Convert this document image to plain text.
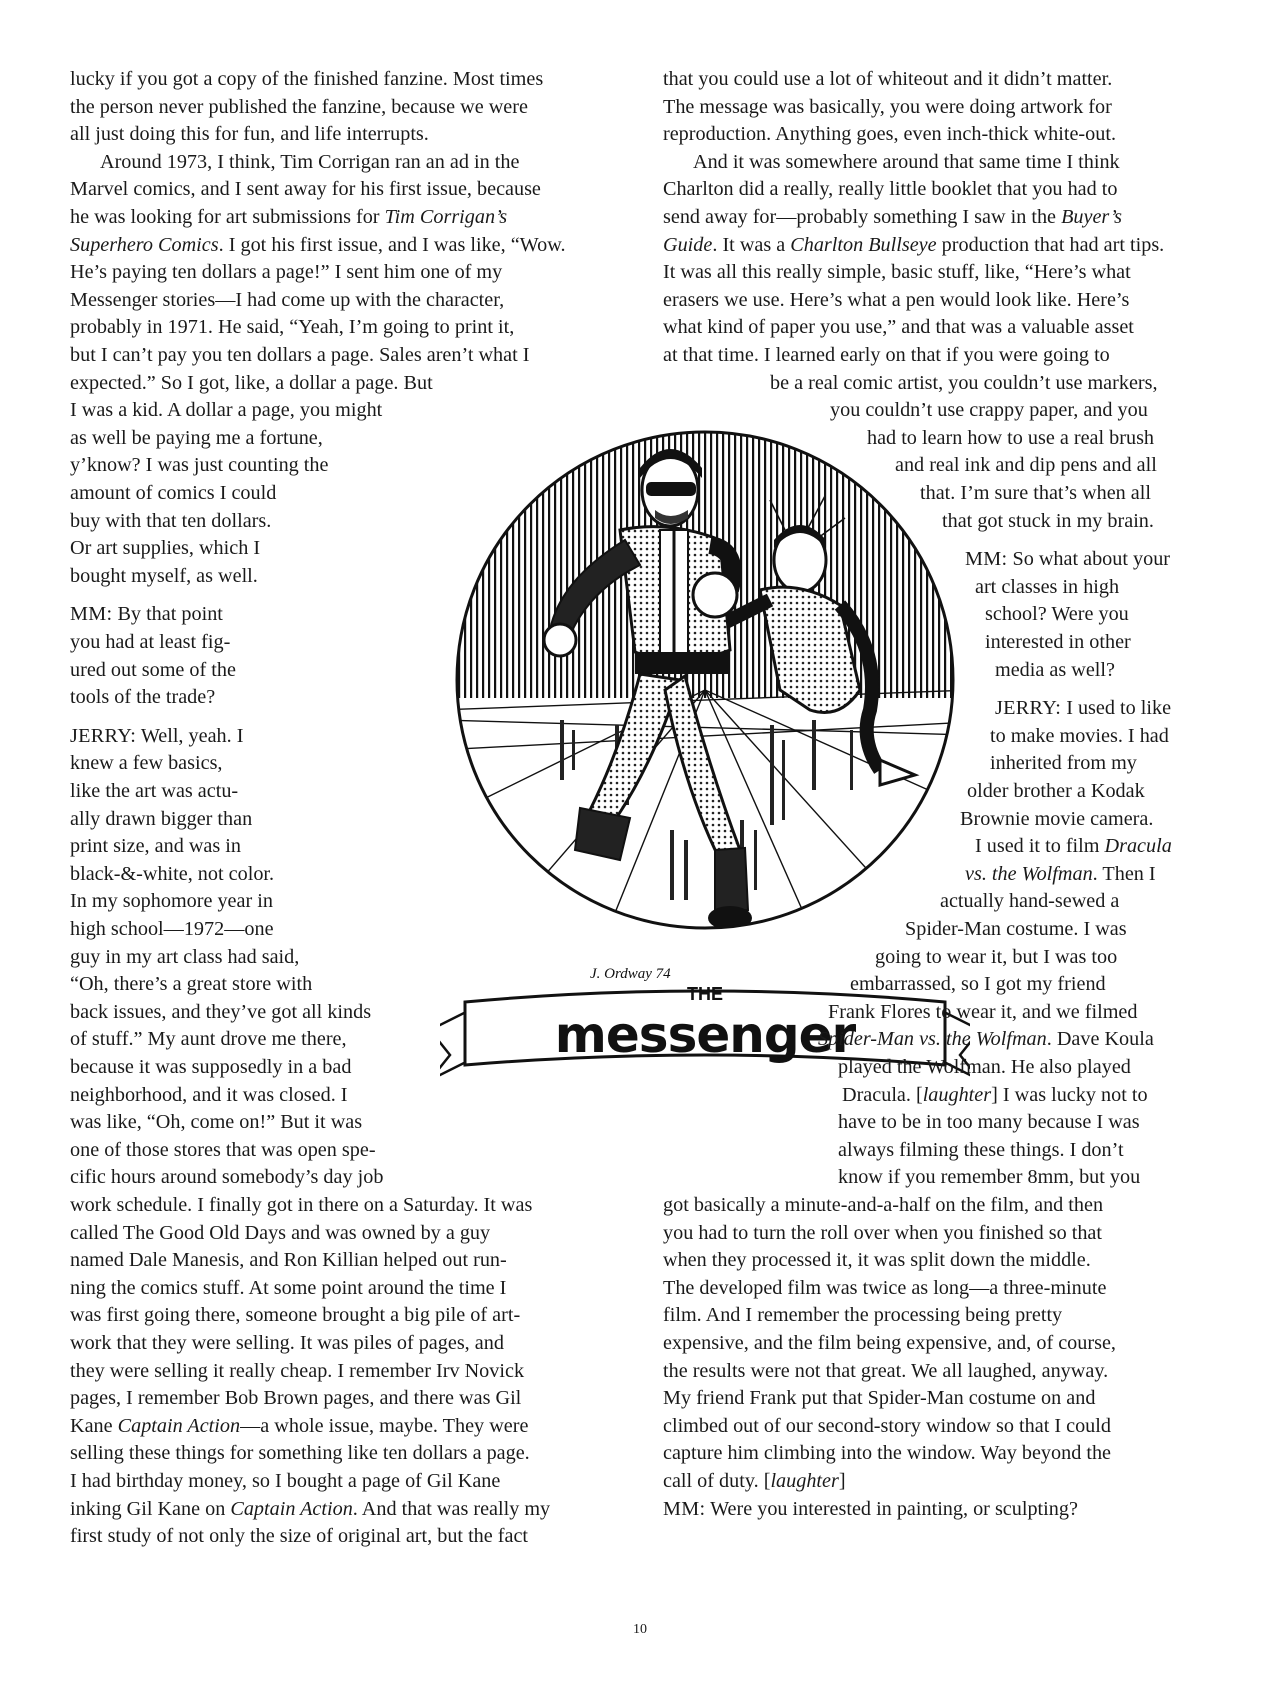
J. Ordway 74
THE
messenger

lucky if you got a copy of the finished fanzine. Most times

the person never published the fanzine, because we were

all just doing this for fun, and life interrupts.

Around 1973, I think, Tim Corrigan ran an ad in the

Marvel comics, and I sent away for his first issue, because

he was looking for art submissions for Tim Corrigan’s

Superhero Comics. I got his first issue, and I was like, “Wow.

He’s paying ten dollars a page!” I sent him one of my

Messenger stories—I had come up with the character,

probably in 1971. He said, “Yeah, I’m going to print it,

but I can’t pay you ten dollars a page. Sales aren’t what I

expected.” So I got, like, a dollar a page. But

I was a kid. A dollar a page, you might

as well be paying me a fortune,

y’know? I was just counting the

amount of comics I could

buy with that ten dollars.

Or art supplies, which I

bought myself, as well.

MM: By that point

you had at least fig-

ured out some of the

tools of the trade?

JERRY: Well, yeah. I

knew a few basics,

like the art was actu-

ally drawn bigger than

print size, and was in

black-&-white, not color.

In my sophomore year in

high school—1972—one

guy in my art class had said,

“Oh, there’s a great store with

back issues, and they’ve got all kinds

of stuff.” My aunt drove me there,

because it was supposedly in a bad

neighborhood, and it was closed. I

was like, “Oh, come on!” But it was

one of those stores that was open spe-

cific hours around somebody’s day job

work schedule. I finally got in there on a Saturday. It was

called The Good Old Days and was owned by a guy

named Dale Manesis, and Ron Killian helped out run-

ning the comics stuff. At some point around the time I

was first going there, someone brought a big pile of art-

work that they were selling. It was piles of pages, and

they were selling it really cheap. I remember Irv Novick

pages, I remember Bob Brown pages, and there was Gil

Kane Captain Action—a whole issue, maybe. They were

selling these things for something like ten dollars a page.

I had birthday money, so I bought a page of Gil Kane

inking Gil Kane on Captain Action. And that was really my

first study of not only the size of original art, but the fact

that you could use a lot of whiteout and it didn’t matter.

The message was basically, you were doing artwork for

reproduction. Anything goes, even inch-thick white-out.

And it was somewhere around that same time I think

Charlton did a really, really little booklet that you had to

send away for—probably something I saw in the Buyer’s

Guide. It was a Charlton Bullseye production that had art tips.

It was all this really simple, basic stuff, like, “Here’s what

erasers we use. Here’s what a pen would look like. Here’s

what kind of paper you use,” and that was a valuable asset

at that time. I learned early on that if you were going to

be a real comic artist, you couldn’t use markers,

you couldn’t use crappy paper, and you

had to learn how to use a real brush

and real ink and dip pens and all

that. I’m sure that’s when all

that got stuck in my brain.

MM: So what about your

art classes in high

school? Were you

interested in other

media as well?

JERRY: I used to like

to make movies. I had

inherited from my

older brother a Kodak

Brownie movie camera.

I used it to film Dracula

vs. the Wolfman. Then I

actually hand-sewed a

Spider-Man costume. I was

going to wear it, but I was too

embarrassed, so I got my friend

Frank Flores to wear it, and we filmed

Spider-Man vs. the Wolfman. Dave Koula

played the Wolfman. He also played

Dracula. [laughter] I was lucky not to

have to be in too many because I was

always filming these things. I don’t

know if you remember 8mm, but you

got basically a minute-and-a-half on the film, and then

you had to turn the roll over when you finished so that

when they processed it, it was split down the middle.

The developed film was twice as long—a three-minute

film. And I remember the processing being pretty

expensive, and the film being expensive, and, of course,

the results were not that great. We all laughed, anyway.

My friend Frank put that Spider-Man costume on and

climbed out of our second-story window so that I could

capture him climbing into the window. Way beyond the

call of duty. [laughter]

MM: Were you interested in painting, or sculpting?

10
